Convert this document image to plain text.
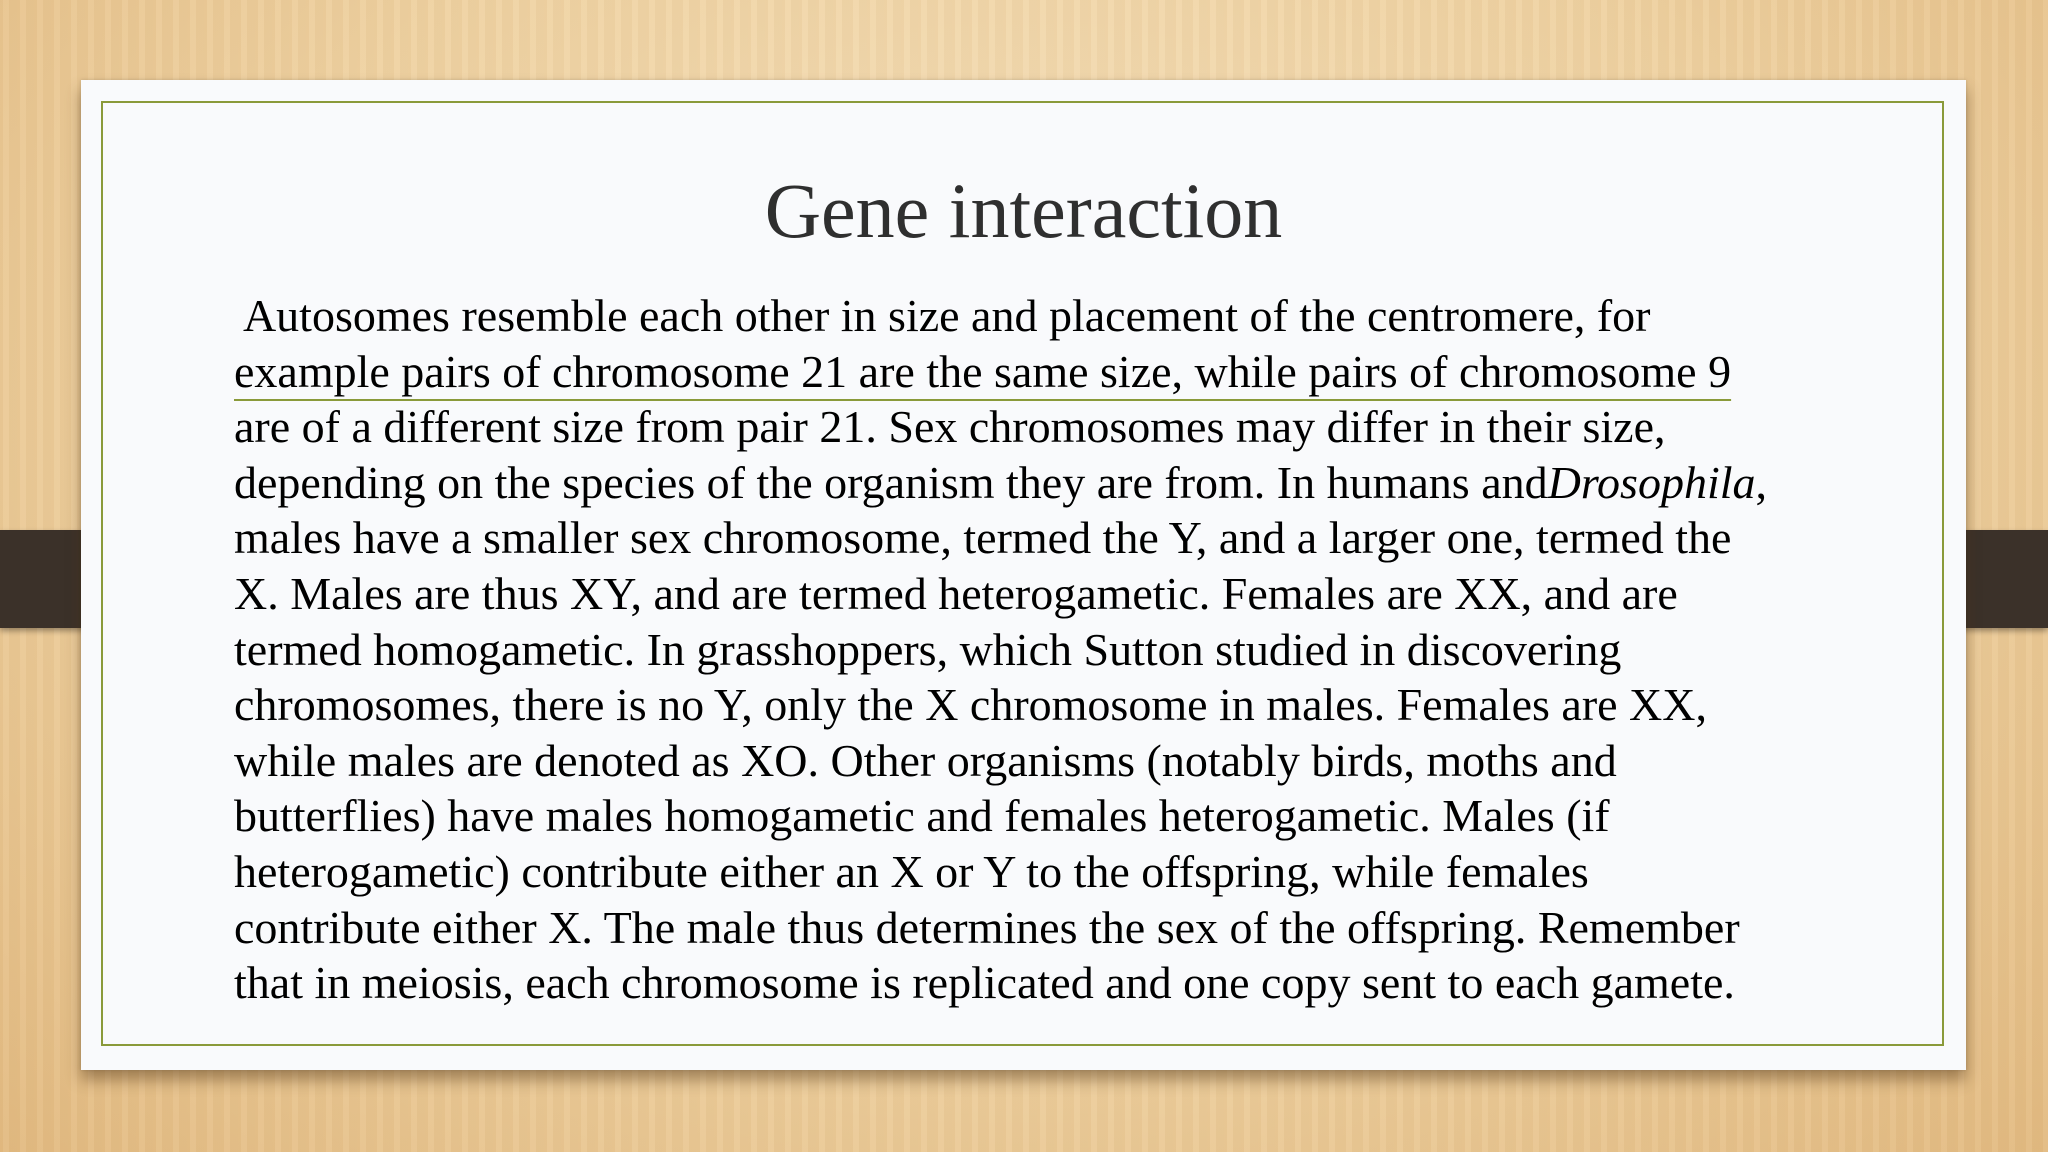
Gene interaction
Autosomes resemble each other in size and placement of the centromere, for
example pairs of chromosome 21 are the same size, while pairs of chromosome 9
are of a different size from pair 21. Sex chromosomes may differ in their size,
depending on the species of the organism they are from. In humans andDrosophila,
males have a smaller sex chromosome, termed the Y, and a larger one, termed the
X. Males are thus XY, and are termed heterogametic. Females are XX, and are
termed homogametic. In grasshoppers, which Sutton studied in discovering
chromosomes, there is no Y, only the X chromosome in males. Females are XX,
while males are denoted as XO. Other organisms (notably birds, moths and
butterflies) have males homogametic and females heterogametic. Males (if
heterogametic) contribute either an X or Y to the offspring, while females
contribute either X. The male thus determines the sex of the offspring. Remember
that in meiosis, each chromosome is replicated and one copy sent to each gamete.
